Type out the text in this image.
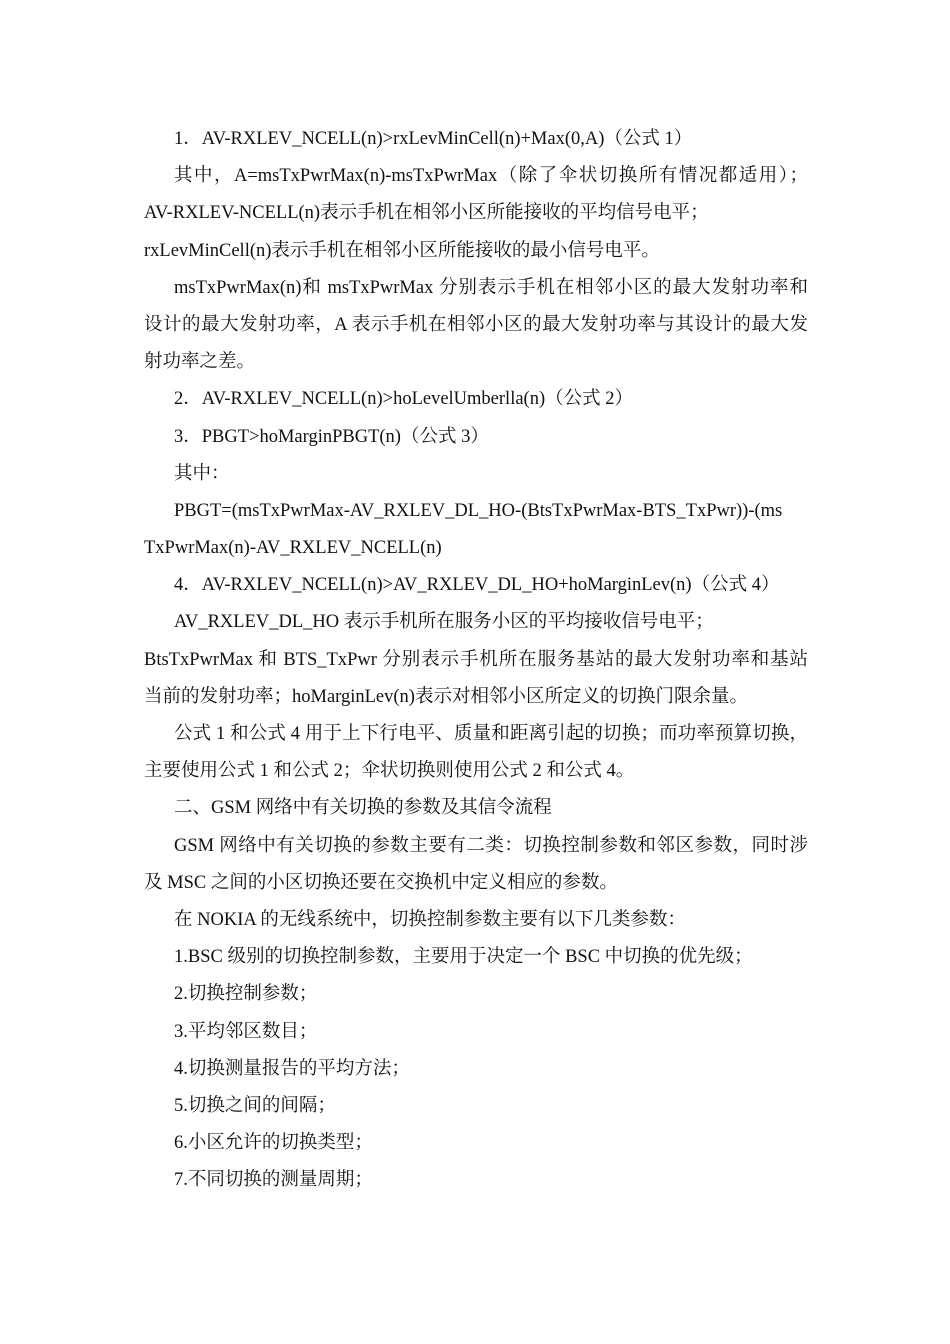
1．AV-RXLEV_NCELL(n)>rxLevMinCell(n)+Max(0,A)（公式 1）
其中，A=msTxPwrMax(n)-msTxPwrMax（除了伞状切换所有情况都适用）；
AV-RXLEV-NCELL(n)表示手机在相邻小区所能接收的平均信号电平；
rxLevMinCell(n)表示手机在相邻小区所能接收的最小信号电平。
msTxPwrMax(n)和 msTxPwrMax 分别表示手机在相邻小区的最大发射功率和
设计的最大发射功率，A 表示手机在相邻小区的最大发射功率与其设计的最大发
射功率之差。
2．AV-RXLEV_NCELL(n)>hoLevelUmberlla(n)（公式 2）
3．PBGT>hoMarginPBGT(n)（公式 3）
其中：
PBGT=(msTxPwrMax-AV_RXLEV_DL_HO-(BtsTxPwrMax-BTS_TxPwr))-(ms
TxPwrMax(n)-AV_RXLEV_NCELL(n)
4．AV-RXLEV_NCELL(n)>AV_RXLEV_DL_HO+hoMarginLev(n)（公式 4）
AV_RXLEV_DL_HO 表示手机所在服务小区的平均接收信号电平；
BtsTxPwrMax 和 BTS_TxPwr 分别表示手机所在服务基站的最大发射功率和基站
当前的发射功率；hoMarginLev(n)表示对相邻小区所定义的切换门限余量。
公式 1 和公式 4 用于上下行电平、质量和距离引起的切换；而功率预算切换，
主要使用公式 1 和公式 2；伞状切换则使用公式 2 和公式 4。
二、GSM 网络中有关切换的参数及其信令流程
GSM 网络中有关切换的参数主要有二类：切换控制参数和邻区参数，同时涉
及 MSC 之间的小区切换还要在交换机中定义相应的参数。
在 NOKIA 的无线系统中，切换控制参数主要有以下几类参数：
1.BSC 级别的切换控制参数，主要用于决定一个 BSC 中切换的优先级；
2.切换控制参数；
3.平均邻区数目；
4.切换测量报告的平均方法；
5.切换之间的间隔；
6.小区允许的切换类型；
7.不同切换的测量周期；
